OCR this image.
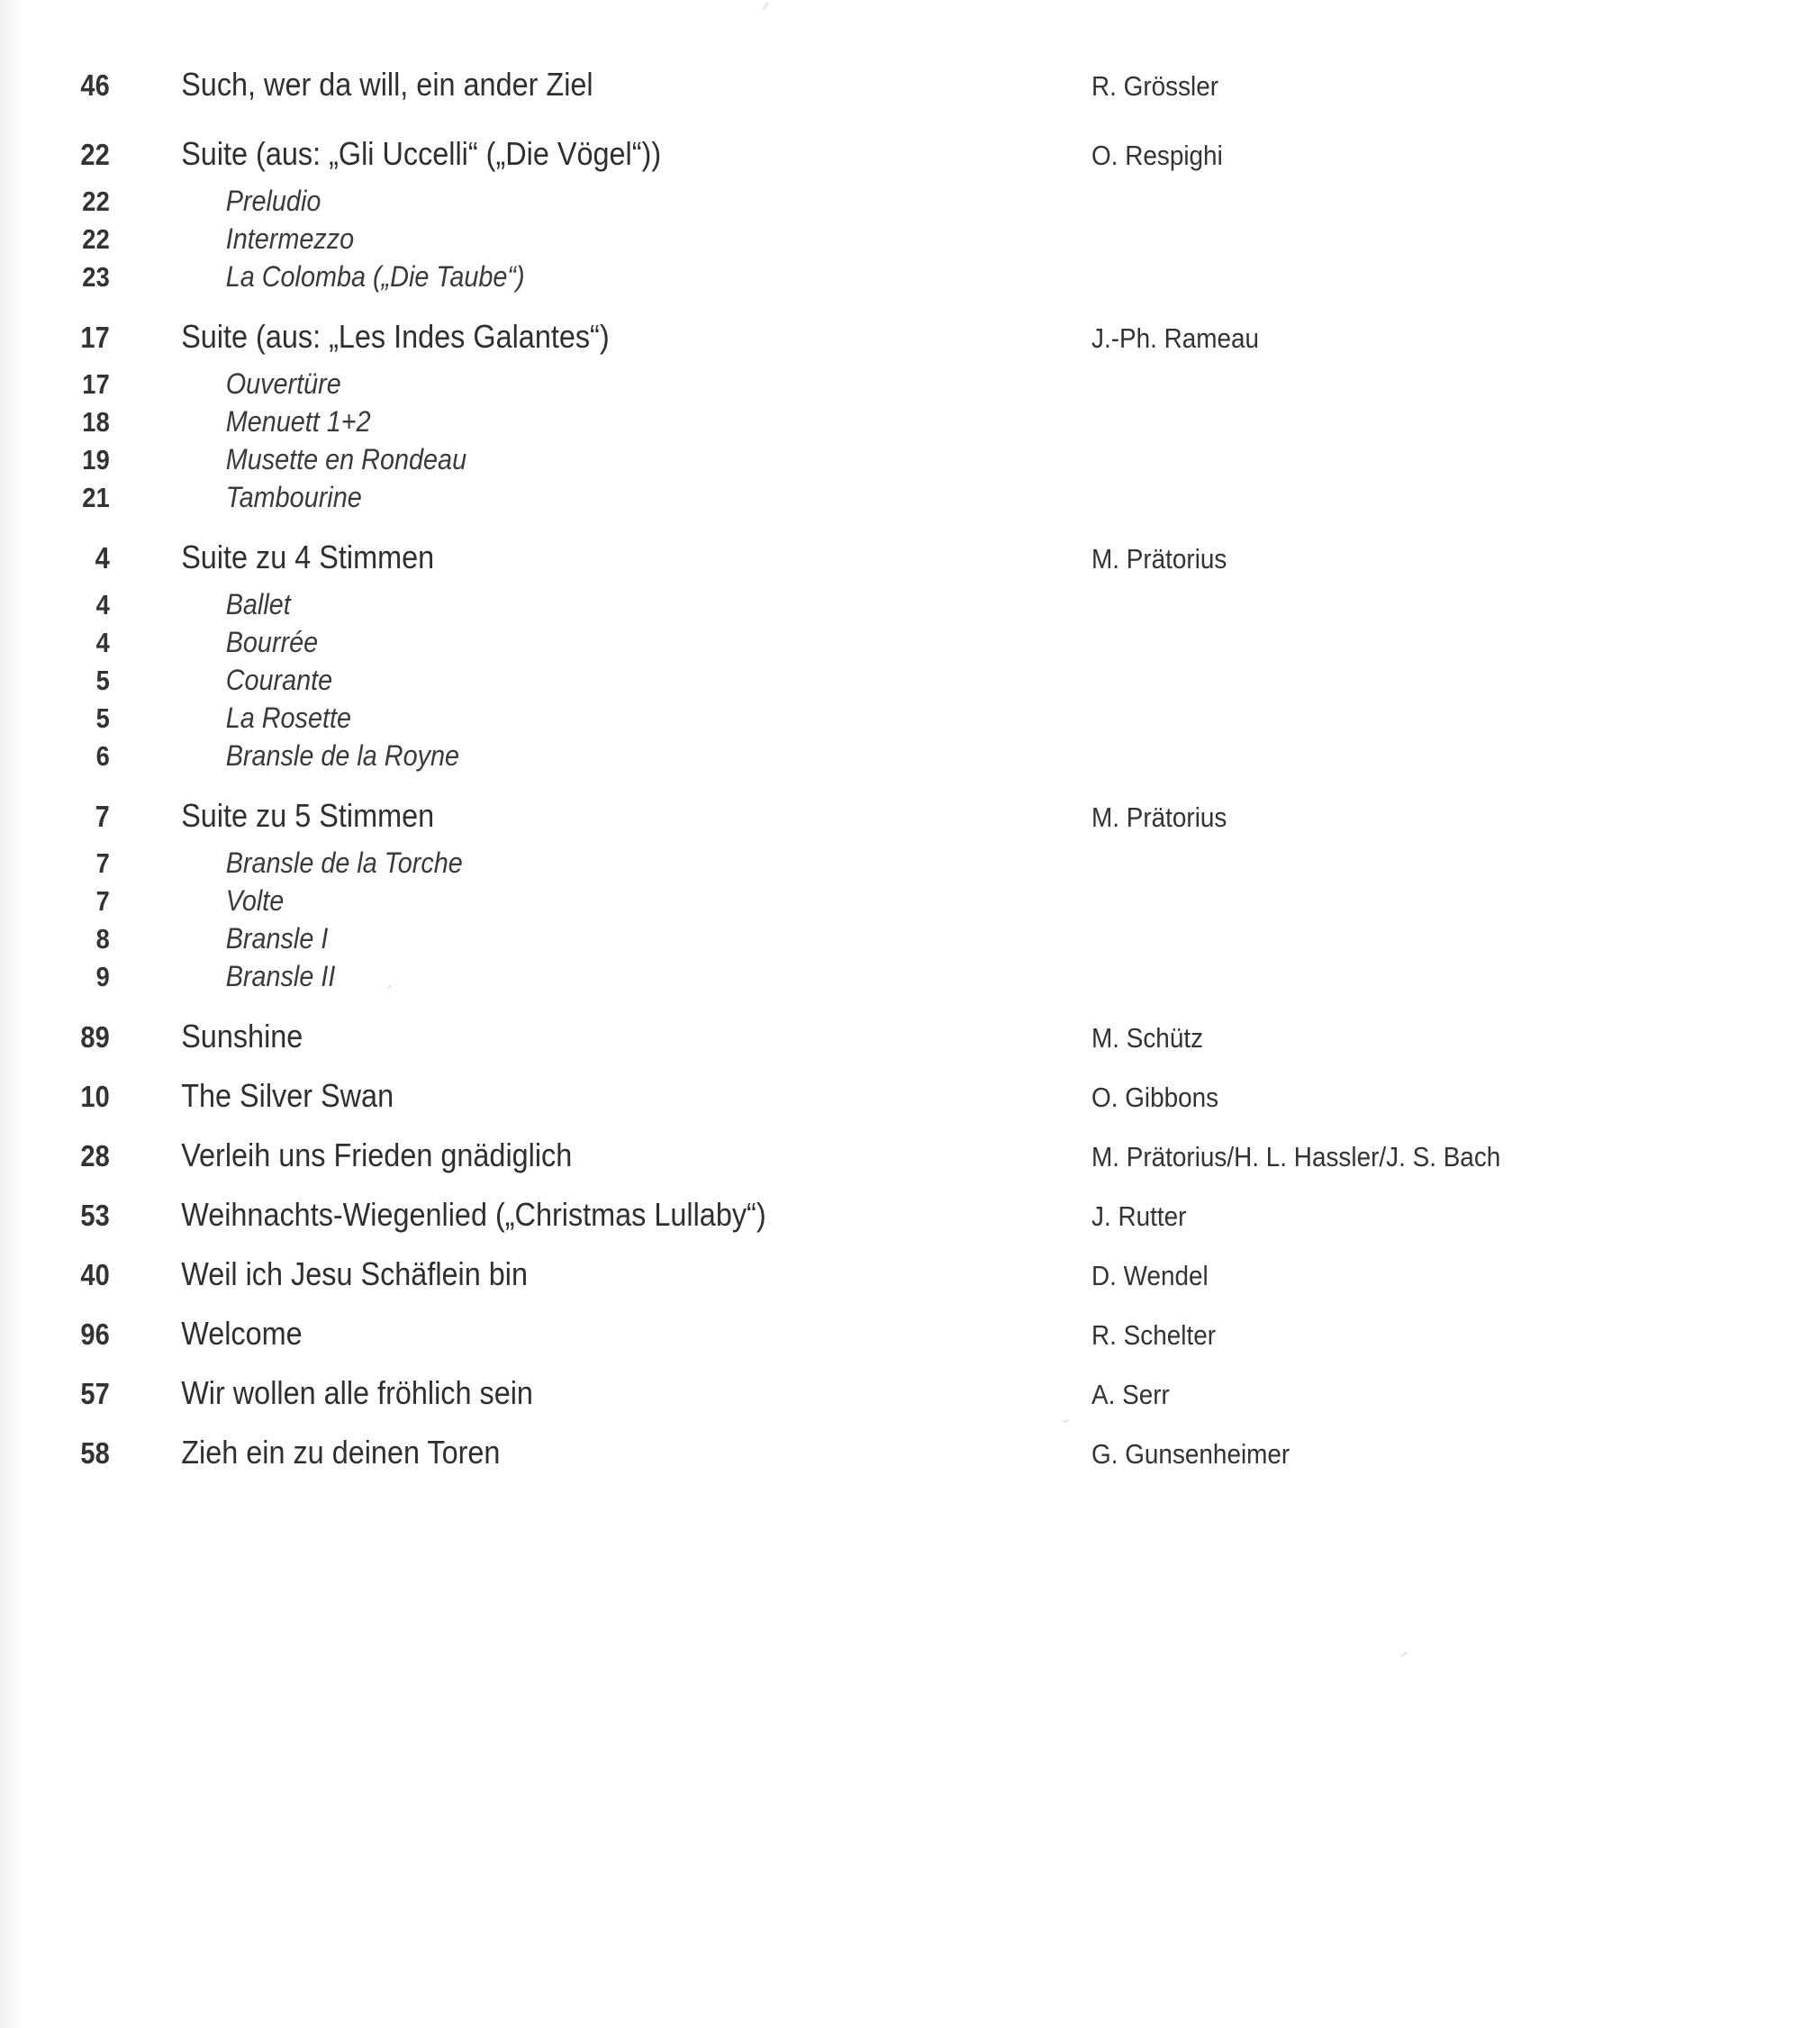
46	Such, wer da will, ein ander Ziel	R. Grössler
22	Suite (aus: „Gli Uccelli“ („Die Vögel“))	O. Respighi
22	Preludio
22	Intermezzo
23	La Colomba („Die Taube“)
17	Suite (aus: „Les Indes Galantes“)	J.-Ph. Rameau
17	Ouvertüre
18	Menuett 1+2
19	Musette en Rondeau
21	Tambourine
4	Suite zu 4 Stimmen	M. Prätorius
4	Ballet
4	Bourrée
5	Courante
5	La Rosette
6	Bransle de la Royne
7	Suite zu 5 Stimmen	M. Prätorius
7	Bransle de la Torche
7	Volte
8	Bransle I
9	Bransle II
89	Sunshine	M. Schütz
10	The Silver Swan	O. Gibbons
28	Verleih uns Frieden gnädiglich	M. Prätorius/H. L. Hassler/J. S. Bach
53	Weihnachts-Wiegenlied („Christmas Lullaby“)	J. Rutter
40	Weil ich Jesu Schäflein bin	D. Wendel
96	Welcome	R. Schelter
57	Wir wollen alle fröhlich sein	A. Serr
58	Zieh ein zu deinen Toren	G. Gunsenheimer
